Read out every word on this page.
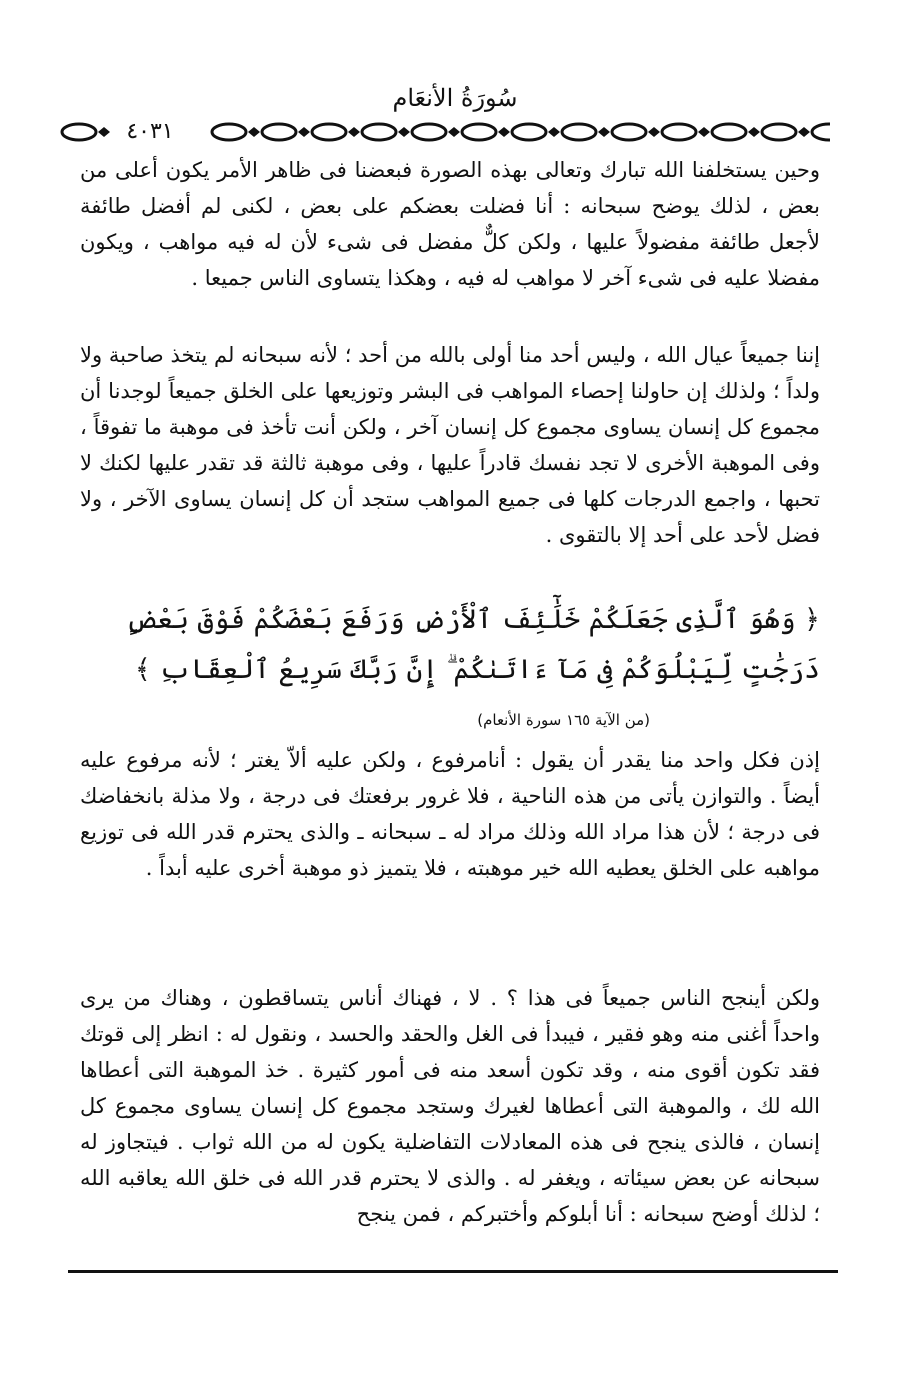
سُورَةُ الأنعَام
٤٠٣١

وحين يستخلفنا الله تبارك وتعالى بهذه الصورة فبعضنا فى ظاهر الأمر يكون أعلى من بعض ، لذلك يوضح سبحانه : أنا فضلت بعضكم على بعض ، لكنى لم أفضل طائفة لأجعل طائفة مفضولاً عليها ، ولكن كلٌّ مفضل فى شىء لأن له فيه مواهب ، ويكون مفضلا عليه فى شىء آخر لا مواهب له فيه ، وهكذا يتساوى الناس جميعا .

إننا جميعاً عيال الله ، وليس أحد منا أولى بالله من أحد ؛ لأنه سبحانه لم يتخذ صاحبة ولا ولداً ؛ ولذلك إن حاولنا إحصاء المواهب فى البشر وتوزيعها على الخلق جميعاً لوجدنا أن مجموع كل إنسان يساوى مجموع كل إنسان آخر ، ولكن أنت تأخذ فى موهبة ما تفوقاً ، وفى الموهبة الأخرى لا تجد نفسك قادراً عليها ، وفى موهبة ثالثة قد تقدر عليها لكنك لا تحبها ، واجمع الدرجات كلها فى جميع المواهب ستجد أن كل إنسان يساوى الآخر ، ولا فضل لأحد على أحد إلا بالتقوى .

﴿ وَهُوَ ٱلَّذِى جَعَلَكُمْ خَلَٰٓئِفَ ٱلْأَرْضِ وَرَفَعَ بَعْضَكُمْ فَوْقَ بَعْضٍ دَرَجَٰتٍ لِّيَبْلُوَكُمْ فِى مَآ ءَاتَىٰكُمْ ۗ إِنَّ رَبَّكَ سَرِيعُ ٱلْعِقَابِ ﴾

(من الآية ١٦٥ سورة الأنعام)

إذن فكل واحد منا يقدر أن يقول : أنامرفوع ، ولكن عليه ألاّ يغتر ؛ لأنه مرفوع عليه أيضاً . والتوازن يأتى من هذه الناحية ، فلا غرور برفعتك فى درجة ، ولا مذلة بانخفاضك فى درجة ؛ لأن هذا مراد الله وذلك مراد له ـ سبحانه ـ والذى يحترم قدر الله فى توزيع مواهبه على الخلق يعطيه الله خير موهبته ، فلا يتميز ذو موهبة أخرى عليه أبداً .

ولكن أينجح الناس جميعاً فى هذا ؟ . لا ، فهناك أناس يتساقطون ، وهناك من يرى واحداً أغنى منه وهو فقير ، فيبدأ فى الغل والحقد والحسد ، ونقول له : انظر إلى قوتك فقد تكون أقوى منه ، وقد تكون أسعد منه فى أمور كثيرة . خذ الموهبة التى أعطاها الله لك ، والموهبة التى أعطاها لغيرك وستجد مجموع كل إنسان يساوى مجموع كل إنسان ، فالذى ينجح فى هذه المعادلات التفاضلية يكون له من الله ثواب . فيتجاوز له سبحانه عن بعض سيئاته ، ويغفر له . والذى لا يحترم قدر الله فى خلق الله يعاقبه الله ؛ لذلك أوضح سبحانه : أنا أبلوكم وأختبركم ، فمن ينجح
